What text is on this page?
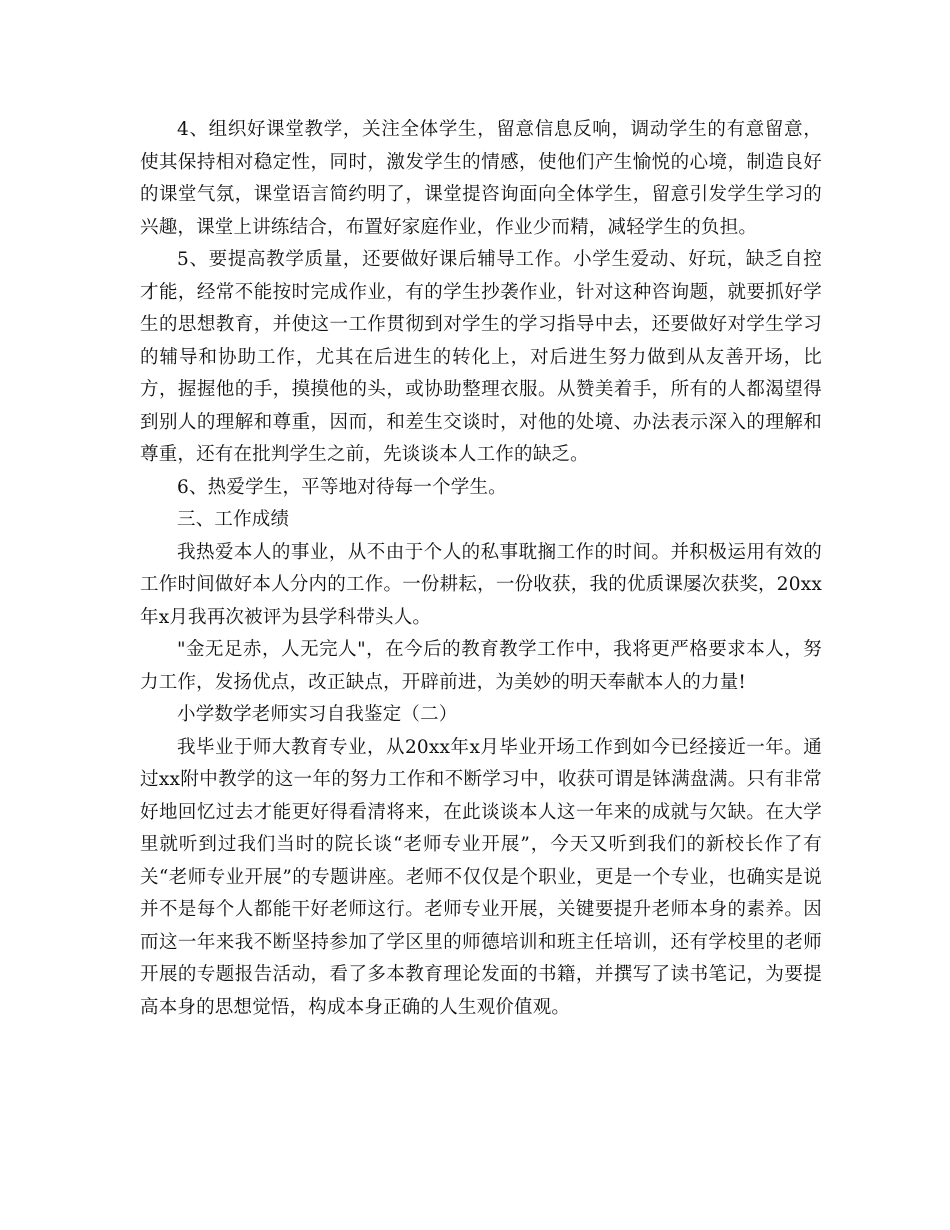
4、组织好课堂教学，关注全体学生，留意信息反响，调动学生的有意留意，使其保持相对稳定性，同时，激发学生的情感，使他们产生愉悦的心境，制造良好的课堂气氛，课堂语言简约明了，课堂提咨询面向全体学生，留意引发学生学习的兴趣，课堂上讲练结合，布置好家庭作业，作业少而精，减轻学生的负担。

5、要提高教学质量，还要做好课后辅导工作。小学生爱动、好玩，缺乏自控才能，经常不能按时完成作业，有的学生抄袭作业，针对这种咨询题，就要抓好学生的思想教育，并使这一工作贯彻到对学生的学习指导中去，还要做好对学生学习的辅导和协助工作，尤其在后进生的转化上，对后进生努力做到从友善开场，比方，握握他的手，摸摸他的头，或协助整理衣服。从赞美着手，所有的人都渴望得到别人的理解和尊重，因而，和差生交谈时，对他的处境、办法表示深入的理解和尊重，还有在批判学生之前，先谈谈本人工作的缺乏。

6、热爱学生，平等地对待每一个学生。

三、工作成绩

我热爱本人的事业，从不由于个人的私事耽搁工作的时间。并积极运用有效的工作时间做好本人分内的工作。一份耕耘，一份收获，我的优质课屡次获奖，20xx年x月我再次被评为县学科带头人。

"金无足赤，人无完人"，在今后的教育教学工作中，我将更严格要求本人，努力工作，发扬优点，改正缺点，开辟前进，为美妙的明天奉献本人的力量!

小学数学老师实习自我鉴定（二）

我毕业于师大教育专业，从20xx年x月毕业开场工作到如今已经接近一年。通过xx附中教学的这一年的努力工作和不断学习中，收获可谓是钵满盘满。只有非常好地回忆过去才能更好得看清将来，在此谈谈本人这一年来的成就与欠缺。在大学里就听到过我们当时的院长谈“老师专业开展”，今天又听到我们的新校长作了有关“老师专业开展”的专题讲座。老师不仅仅是个职业，更是一个专业，也确实是说并不是每个人都能干好老师这行。老师专业开展，关键要提升老师本身的素养。因而这一年来我不断坚持参加了学区里的师德培训和班主任培训，还有学校里的老师开展的专题报告活动，看了多本教育理论发面的书籍，并撰写了读书笔记，为要提高本身的思想觉悟，构成本身正确的人生观价值观。
